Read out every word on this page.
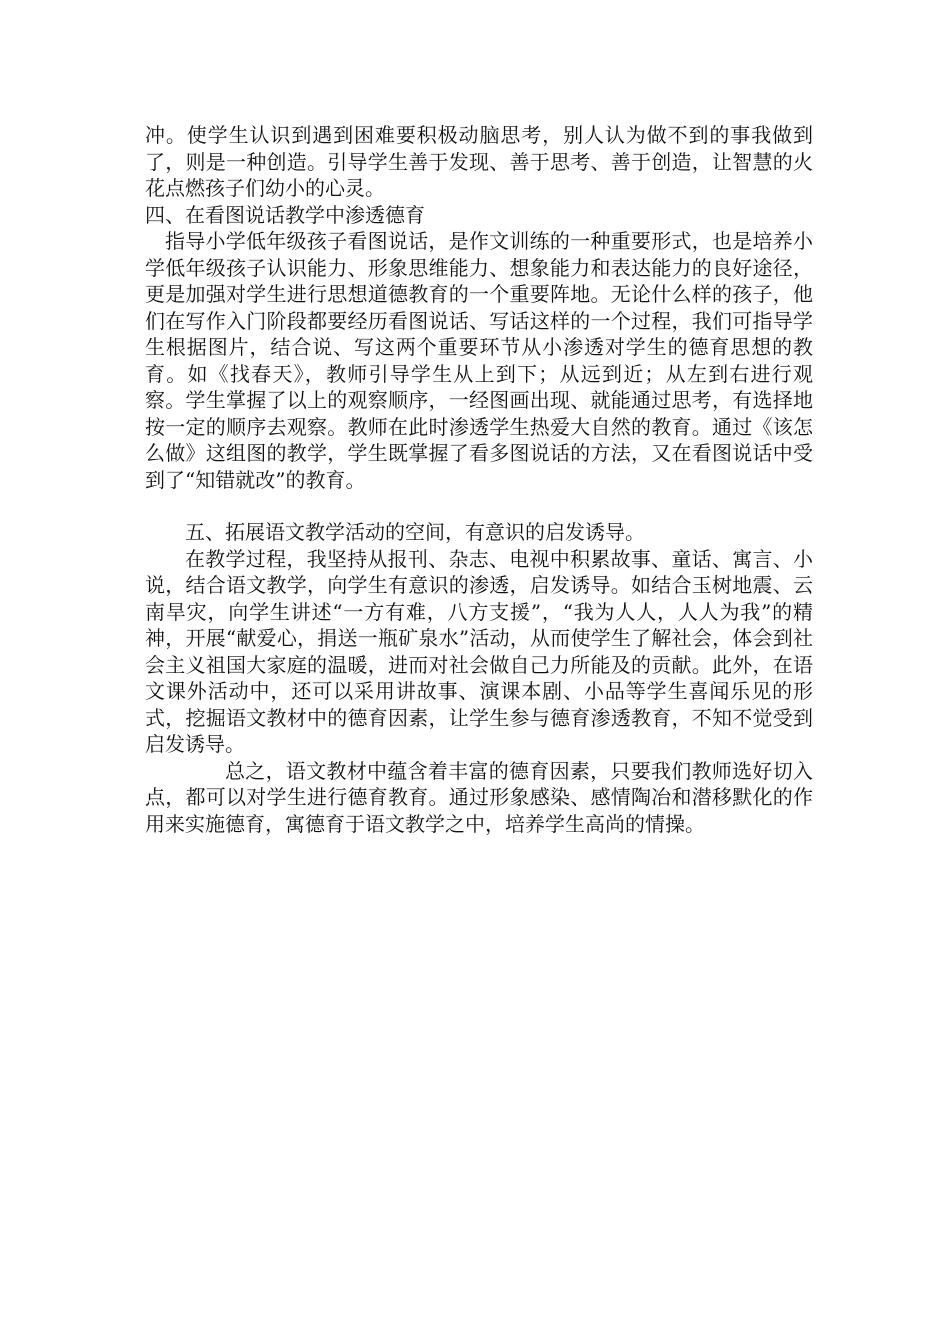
冲。使学生认识到遇到困难要积极动脑思考，别人认为做不到的事我做到了，则是一种创造。引导学生善于发现、善于思考、善于创造，让智慧的火花点燃孩子们幼小的心灵。

四、在看图说话教学中渗透德育

指导小学低年级孩子看图说话，是作文训练的一种重要形式，也是培养小学低年级孩子认识能力、形象思维能力、想象能力和表达能力的良好途径，更是加强对学生进行思想道德教育的一个重要阵地。无论什么样的孩子，他们在写作入门阶段都要经历看图说话、写话这样的一个过程，我们可指导学生根据图片，结合说、写这两个重要环节从小渗透对学生的德育思想的教育。如《找春天》，教师引导学生从上到下；从远到近；从左到右进行观察。学生掌握了以上的观察顺序，一经图画出现、就能通过思考，有选择地按一定的顺序去观察。教师在此时渗透学生热爱大自然的教育。通过《该怎么做》这组图的教学，学生既掌握了看多图说话的方法，又在看图说话中受到了“知错就改”的教育。

五、拓展语文教学活动的空间，有意识的启发诱导。

在教学过程，我坚持从报刊、杂志、电视中积累故事、童话、寓言、小说，结合语文教学，向学生有意识的渗透，启发诱导。如结合玉树地震、云南旱灾，向学生讲述“一方有难，八方支援”，“我为人人，人人为我”的精神，开展“献爱心，捐送一瓶矿泉水”活动，从而使学生了解社会，体会到社会主义祖国大家庭的温暖，进而对社会做自己力所能及的贡献。此外，在语文课外活动中，还可以采用讲故事、演课本剧、小品等学生喜闻乐见的形式，挖掘语文教材中的德育因素，让学生参与德育渗透教育，不知不觉受到启发诱导。

总之，语文教材中蕴含着丰富的德育因素，只要我们教师选好切入点，都可以对学生进行德育教育。通过形象感染、感情陶冶和潜移默化的作用来实施德育，寓德育于语文教学之中，培养学生高尚的情操。
